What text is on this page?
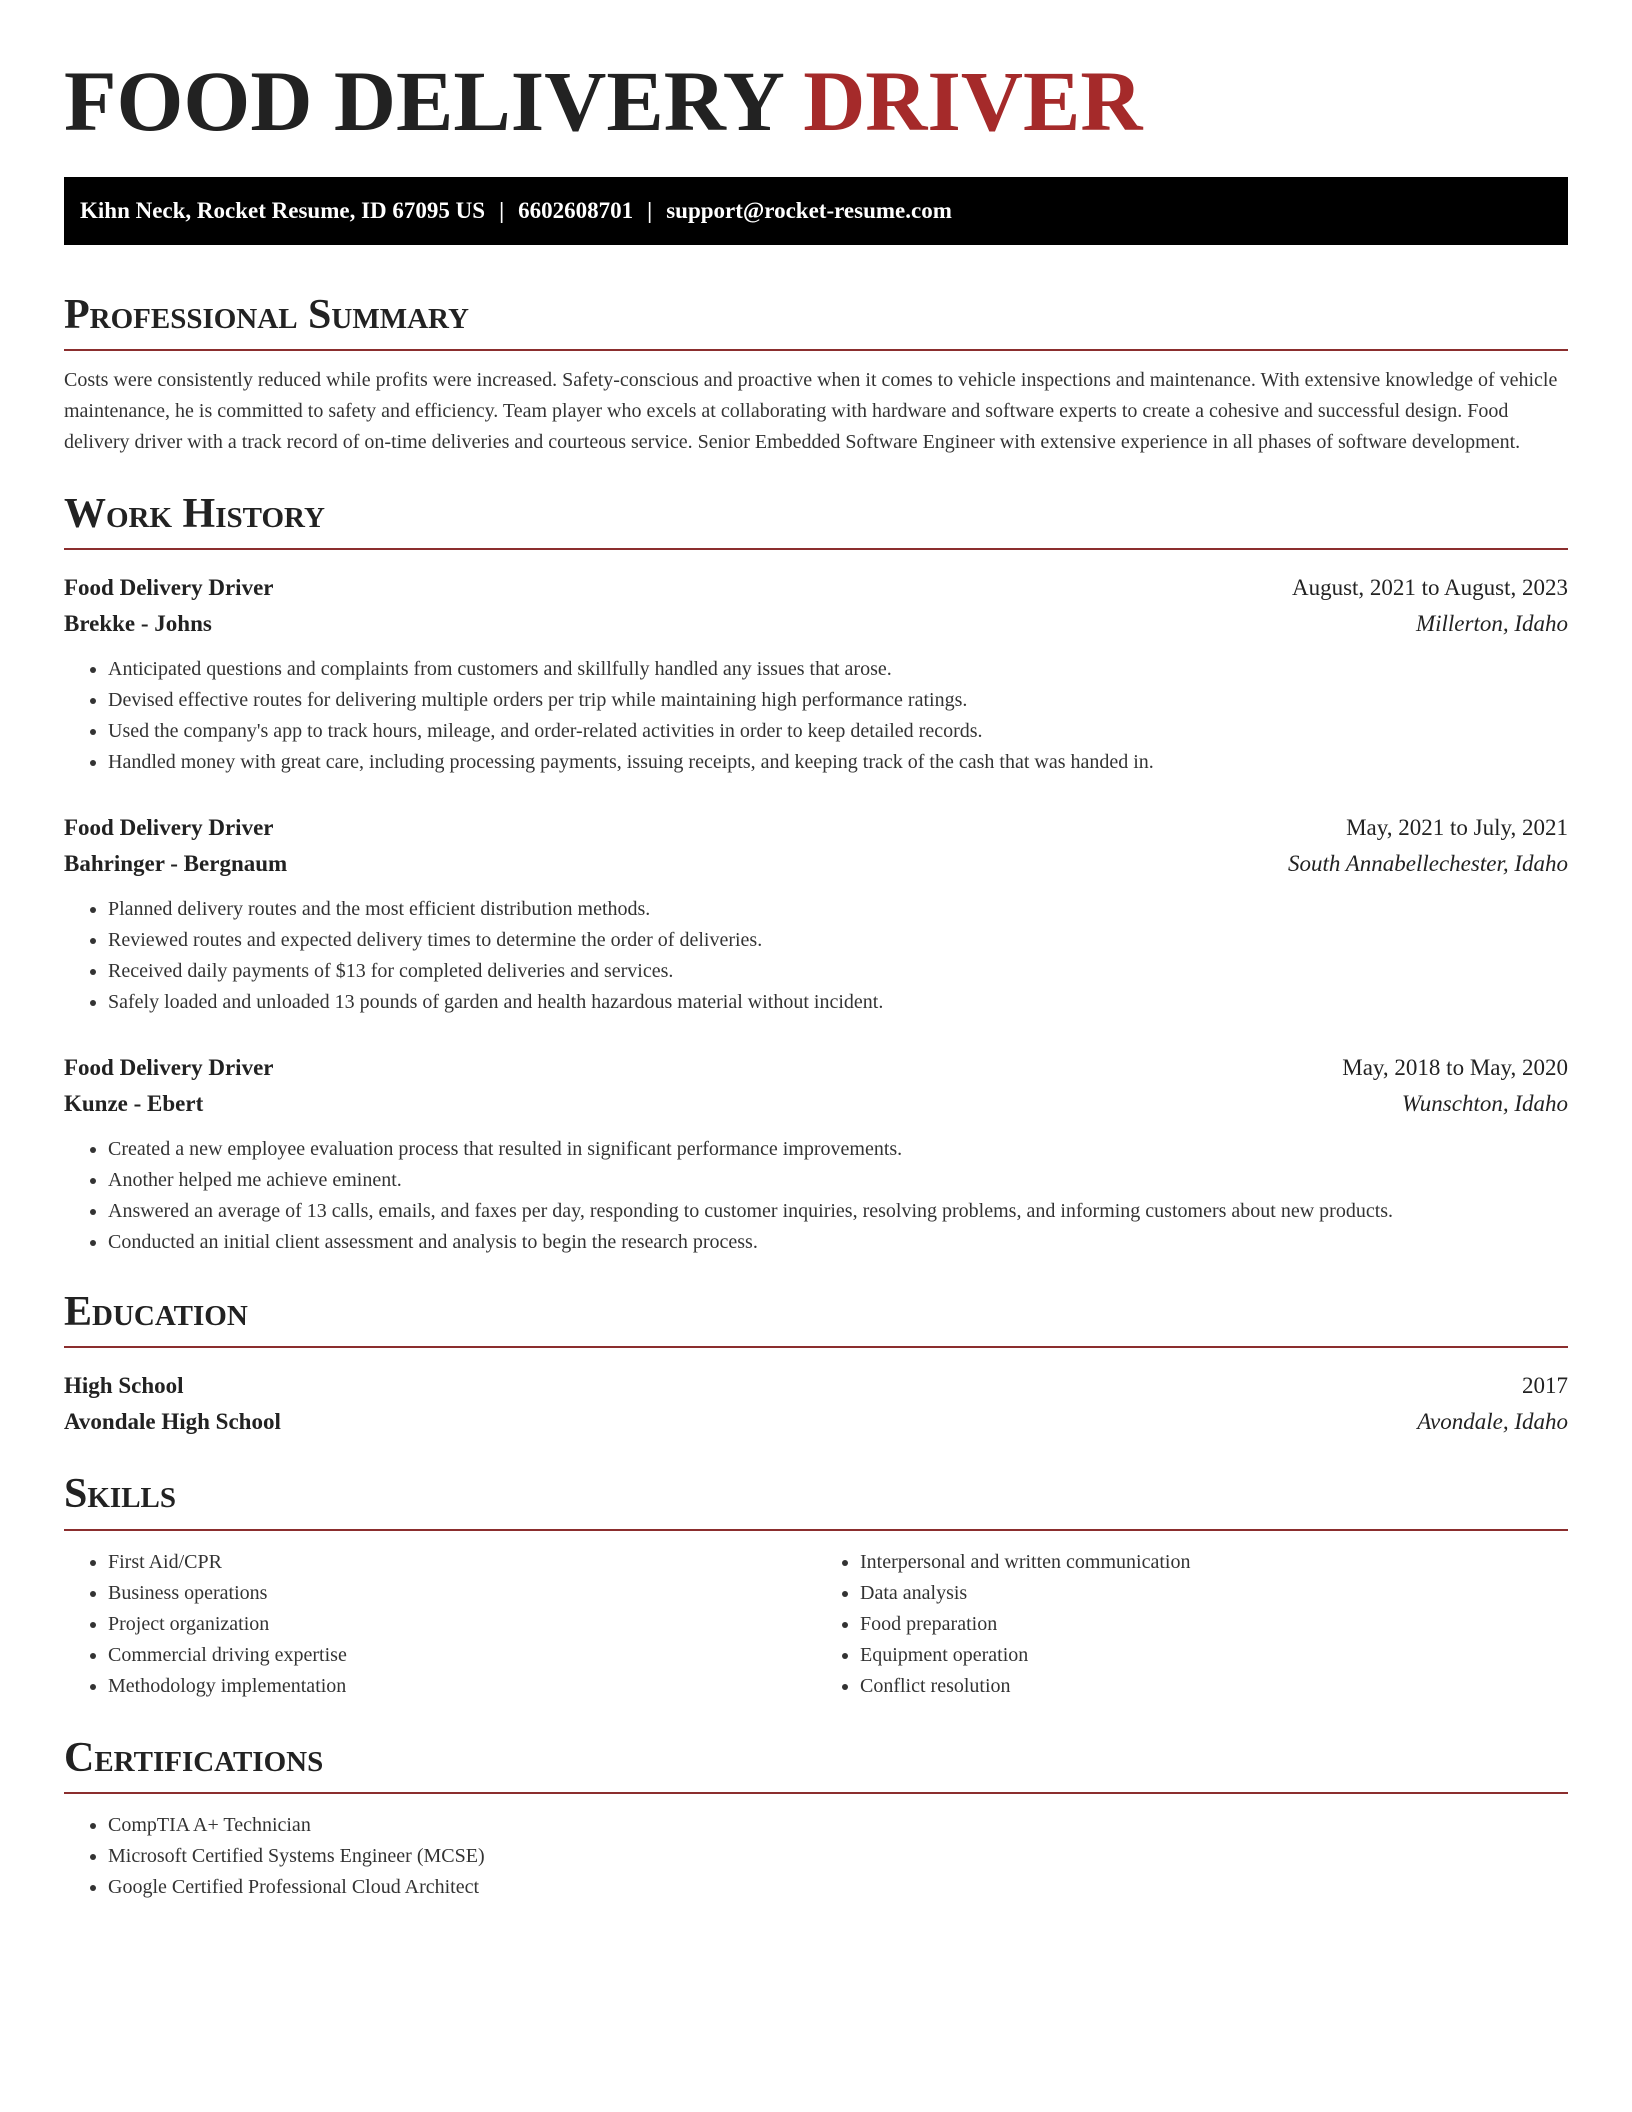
FOOD DELIVERY DRIVER
Kihn Neck, Rocket Resume, ID 67095 US | 6602608701 | support@rocket-resume.com
Professional Summary

Costs were consistently reduced while profits were increased. Safety-conscious and proactive when it comes to vehicle inspections and maintenance. With extensive knowledge of vehicle maintenance, he is committed to safety and efficiency. Team player who excels at collaborating with hardware and software experts to create a cohesive and successful design. Food delivery driver with a track record of on-time deliveries and courteous service. Senior Embedded Software Engineer with extensive experience in all phases of software development.

Work History
Food Delivery Driver	August, 2021 to August, 2023
Brekke - Johns	Millerton, Idaho
• Anticipated questions and complaints from customers and skillfully handled any issues that arose.
• Devised effective routes for delivering multiple orders per trip while maintaining high performance ratings.
• Used the company's app to track hours, mileage, and order-related activities in order to keep detailed records.
• Handled money with great care, including processing payments, issuing receipts, and keeping track of the cash that was handed in.
Food Delivery Driver	May, 2021 to July, 2021
Bahringer - Bergnaum	South Annabellechester, Idaho
• Planned delivery routes and the most efficient distribution methods.
• Reviewed routes and expected delivery times to determine the order of deliveries.
• Received daily payments of $13 for completed deliveries and services.
• Safely loaded and unloaded 13 pounds of garden and health hazardous material without incident.
Food Delivery Driver	May, 2018 to May, 2020
Kunze - Ebert	Wunschton, Idaho
• Created a new employee evaluation process that resulted in significant performance improvements.
• Another helped me achieve eminent.
• Answered an average of 13 calls, emails, and faxes per day, responding to customer inquiries, resolving problems, and informing customers about new products.
• Conducted an initial client assessment and analysis to begin the research process.
Education
High School	2017
Avondale High School	Avondale, Idaho
Skills
• First Aid/CPR
• Business operations
• Project organization
• Commercial driving expertise
• Methodology implementation
• Interpersonal and written communication
• Data analysis
• Food preparation
• Equipment operation
• Conflict resolution
Certifications
• CompTIA A+ Technician
• Microsoft Certified Systems Engineer (MCSE)
• Google Certified Professional Cloud Architect
